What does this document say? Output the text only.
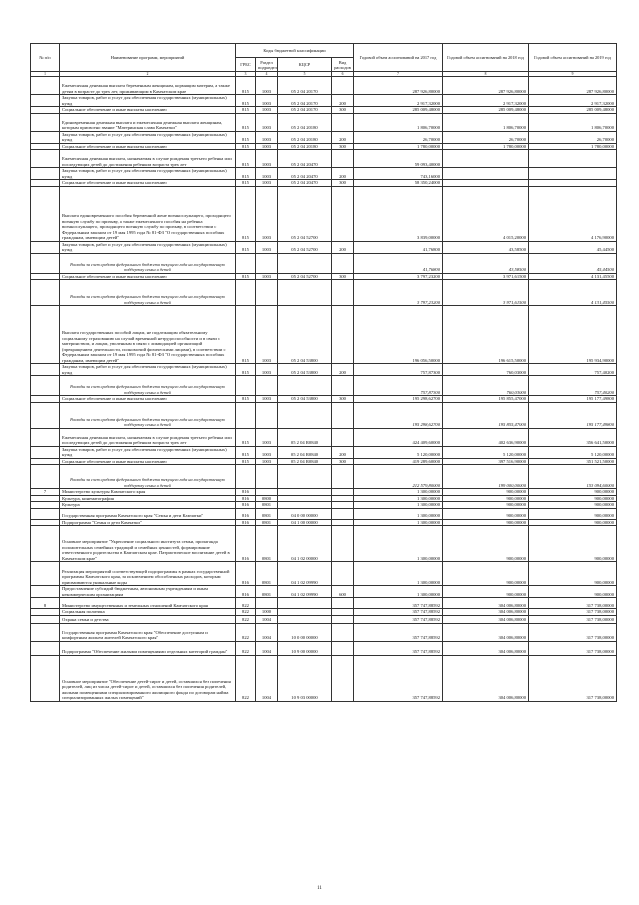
№ п/п	Наименование программ, мероприятий	Коды бюджетной классификации				Годовой объем ассигнований на 2017 год	Годовой объем ассигнований на 2018 год	Годовой объем ассигнований на 2019 год
		ГРБС	Раздел подраздел	КЦСР	Вид расходов			
1	2	3	4	5	6	7	8	9
	Ежемесячная денежная выплата беременным женщинам, кормящим матерям, а также детям в возрасте до трех лет, проживающим в Камчатском крае	815	1003	05 2 04 20170		287 926,80000	287 926,80000	287 926,80000
	Закупка товаров, работ и услуг для обеспечения государственных (муниципальных) нужд	815	1003	05 2 04 20170	200	2 917,32000	2 917,32000	2 917,32000
	Социальное обеспечение и иные выплаты населению	815	1003	05 2 04 20170	300	285 009,48000	285 009,48000	285 009,48000
	Единовременная денежная выплата и ежемесячная денежная выплата женщинам, которым присвоено звание "Материнская слава Камчатки"	815	1003	05 2 04 20180		1 806,70000	1 806,70000	1 806,70000
	Закупка товаров, работ и услуг для обеспечения государственных (муниципальных) нужд	815	1003	05 2 04 20180	200	26,70000	26,70000	26,70000
	Социальное обеспечение и иные выплаты населению	815	1003	05 2 04 20180	300	1 780,00000	1 780,00000	1 780,00000
	Ежемесячная денежная выплата, назначаемая в случае рождения третьего ребенка или последующих детей до достижения ребенком возраста трех лет	815	1003	05 2 04 20470		59 093,40000		
	Закупка товаров, работ и услуг для обеспечения государственных (муниципальных) нужд	815	1003	05 2 04 20470	200	743,16000		
	Социальное обеспечение и иные выплаты населению	815	1003	05 2 04 20470	300	58 350,24000		
	Выплата единовременного пособия беременной жене военнослужащего, проходящего военную службу по призыву, а также ежемесячного пособия на ребенка военнослужащего, проходящего военную службу по призыву, в соответствии с Федеральным законом от 19 мая 1995 года № 81-ФЗ "О государственных пособиях гражданам, имеющим детей"	815	1003	05 2 04 52700		3 839,00000	4 015,20000	4 176,90000
	Закупка товаров, работ и услуг для обеспечения государственных (муниципальных) нужд	815	1003	05 2 04 52700	200	41,76800	43,58500	45,44500
	Расходы за счет средств федерального бюджета текущего года на государственную поддержку семьи и детей					41,76800	43,58500	45,44500
	Социальное обеспечение и иные выплаты населению	815	1003	05 2 04 52700	300	3 797,23200	3 971,61500	4 131,45500
	Расходы за счет средств федерального бюджета текущего года на государственную поддержку семьи и детей					3 797,23200	3 971,61500	4 131,45500
	Выплата государственных пособий лицам, не подлежащим обязательному социальному страхованию на случай временной нетрудоспособности и в связи с материнством, и лицам, уволенным в связи с ликвидацией организаций (прекращением деятельности, полномочий физическими лицами), в соответствии с Федеральным законом от 19 мая 1995 года № 81-ФЗ "О государственных пособиях гражданам, имеющим детей"	815	1003	05 2 04 53800		196 056,50000	196 615,50000	195 934,90000
	Закупка товаров, работ и услуг для обеспечения государственных (муниципальных) нужд	815	1003	05 2 04 53800	200	757,87300	760,03000	757,40200
	Расходы за счет средств федерального бюджета текущего года на государственную поддержку семьи и детей					757,87300	760,03000	757,40200
	Социальное обеспечение и иные выплаты населению	815	1003	05 2 04 53800	300	195 298,62700	195 855,47000	195 177,49800
	Расходы за счет средств федерального бюджета текущего года на государственную поддержку семьи и детей					195 298,62700	195 855,47000	195 177,49800
	Ежемесячная денежная выплата, назначаемая в случае рождения третьего ребенка или последующих детей до достижения ребенком возраста трех лет	815	1003	05 2 04 R0840		424 409,60000	402 636,90000	356 641,50000
	Закупка товаров, работ и услуг для обеспечения государственных (муниципальных) нужд	815	1003	05 2 04 R0840	200	5 120,00000	5 120,00000	5 120,00000
	Социальное обеспечение и иные выплаты населению	815	1003	05 2 04 R0840	300	419 289,60000	397 516,90000	351 521,50000
	Расходы за счет средств федерального бюджета текущего года на государственную поддержку семьи и детей					212 579,80000	199 000,00000	153 094,60000
7	Министерство культуры Камчатского края	816				1 300,00000	900,00000	900,00000
	Культура, кинематография	816	0800			1 300,00000	900,00000	900,00000
	Культура	816	0801			1 300,00000	900,00000	900,00000
	Государственная программа Камчатского края "Семья и дети Камчатки"	816	0801	04 0 00 00000		1 300,00000	900,00000	900,00000
	Подпрограмма "Семья и дети Камчатки"	816	0801	04 1 00 00000		1 300,00000	900,00000	900,00000
	Основное мероприятие "Укрепление социального института семьи, пропаганда положительных семейных традиций и семейных ценностей, формирование ответственного родительства в Камчатском крае. Патриотическое воспитание детей в Камчатском крае"	816	0801	04 1 02 00000		1 300,00000	900,00000	900,00000
	Реализация мероприятий соответствующей подпрограммы в рамках государственной программы Камчатского края, за исключением обособленных расходов, которым присваиваются уникальные коды	816	0801	04 1 02 09990		1 300,00000	900,00000	900,00000
	Предоставление субсидий бюджетным, автономным учреждениям и иным некоммерческим организациям	816	0801	04 1 02 09990	600	1 300,00000	900,00000	900,00000
8	Министерство имущественных и земельных отношений Камчатского края	822				357 747,88592	304 006,80000	317 738,00000
	Социальная политика	822	1000			357 747,88592	304 006,80000	317 738,00000
	Охрана семьи и детства	822	1004			357 747,88592	304 006,80000	317 738,00000
	Государственная программа Камчатского края "Обеспечение доступным и комфортным жильем жителей Камчатского края"	822	1004	10 0 00 00000		357 747,88592	304 006,80000	317 738,00000
	Подпрограмма "Обеспечение жилыми помещениями отдельных категорий граждан"	822	1004	10 9 00 00000		357 747,88592	304 006,80000	317 738,00000
	Основное мероприятие "Обеспечение детей-сирот и детей, оставшихся без попечения родителей, лиц из числа детей-сирот и детей, оставшихся без попечения родителей, жилыми помещениями специализированного жилищного фонда по договорам найма специализированных жилых помещений"	822	1004	10 9 03 00000		357 747,88592	304 006,80000	317 738,00000
11
